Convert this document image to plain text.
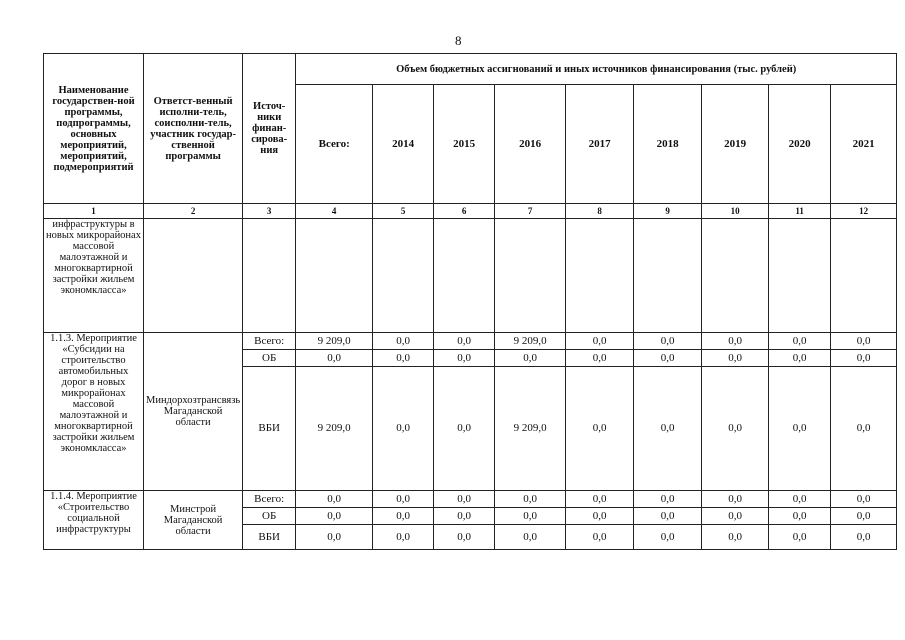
8
Наименование государствен-ной программы, подпрограммы, основных мероприятий, мероприятий, подмероприятий	Ответст-венный исполни-тель, соисполни-тель, участник государ-ственной программы	Источ-ники финан-сирова-ния	Объем бюджетных ассигнований и иных источников финансирования (тыс. рублей)								
			Всего:	2014	2015	2016	2017	2018	2019	2020	2021
1	2	3	4	5	6	7	8	9	10	11	12
инфраструктуры в новых микрорайонах массовой малоэтажной и многоквартирной застройки жильем экономкласса»											
1.1.3. Мероприятие «Субсидии на строительство автомобильных дорог в новых микрорайонах массовой малоэтажной и многоквартирной застройки жильем экономкласса»	Миндорхозтрансвязь Магаданской области	Всего:	9 209,0	0,0	0,0	9 209,0	0,0	0,0	0,0	0,0	0,0
		ОБ	0,0	0,0	0,0	0,0	0,0	0,0	0,0	0,0	0,0
		ВБИ	9 209,0	0,0	0,0	9 209,0	0,0	0,0	0,0	0,0	0,0
1.1.4. Мероприятие «Строительство социальной инфраструктуры	Минстрой Магаданской области	Всего:	0,0	0,0	0,0	0,0	0,0	0,0	0,0	0,0	0,0
		ОБ	0,0	0,0	0,0	0,0	0,0	0,0	0,0	0,0	0,0
		ВБИ	0,0	0,0	0,0	0,0	0,0	0,0	0,0	0,0	0,0
